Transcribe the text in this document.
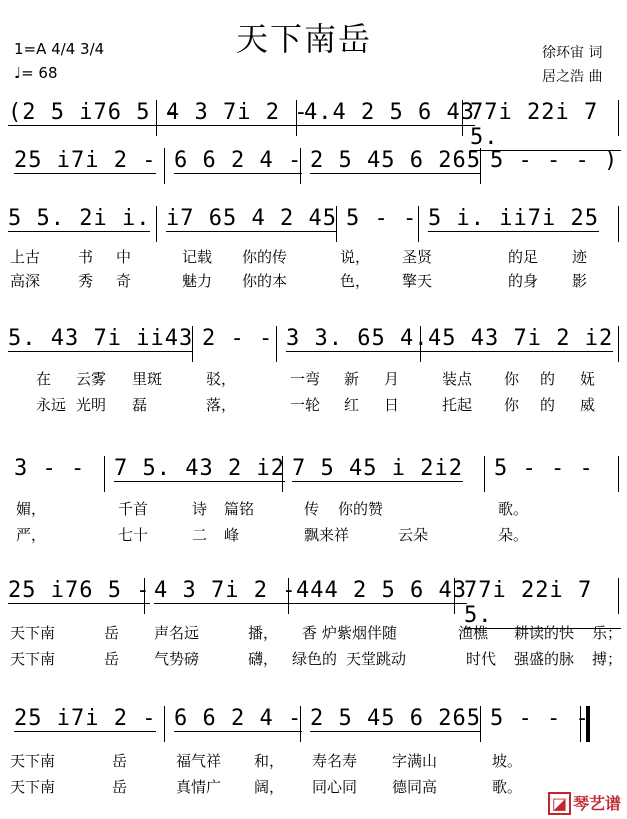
天下南岳
1=A 4/4 3/4
♩= 68
徐环宙 词
居之浩 曲
(2 5 i76 5 -
4 3 7i 2 -
4.4 2 5 6 43
77i 22i 7 5.
25 i7i 2 - 6 6 2 4 - 2 5 45 6 265 5 - - - )
5 5. 2i i. i7 65 4 2 45 5 - - 5 i. ii7i 25
上古	书 中	记载 你的传	说， 圣贤	的足 迹
高深	秀 奇	魅力 你的本	色， 擎天	的身 影
5. 43 7i ii43 2 - - 3 3. 65 4. 45 43 7i 2 i2
在 云雾 里斑	驳，	一弯 新 月	装点 你 的 妩
永远 光明 磊	落，	一轮 红 日	托起 你 的 威
3 - - 7 5. 43 2 i2 7 5 45 i 2i2 5 - - -
媚，	千首	诗 篇铭	传 你的赞	歌。
严，	七十	二 峰	飘来祥	云朵	朵。
25 i76 5 - 4 3 7i 2 - 444 2 5 6 43
77i 22i 7 5.
天下南	岳 声名远	播， 香 炉紫烟伴随	渔樵 耕读的快 乐；
天下南	岳 气势磅	礴， 绿色的 天堂跳动	时代 强盛的脉 搏；
25 i7i 2 - 6 6 2 4 - 2 5 45 6 265 5 - - -
天下南	岳	福气祥 和， 寿名寿 字满山	坡。
天下南	岳	真情广 阔， 同心同 德同高	歌。
◪ 琴艺谱
